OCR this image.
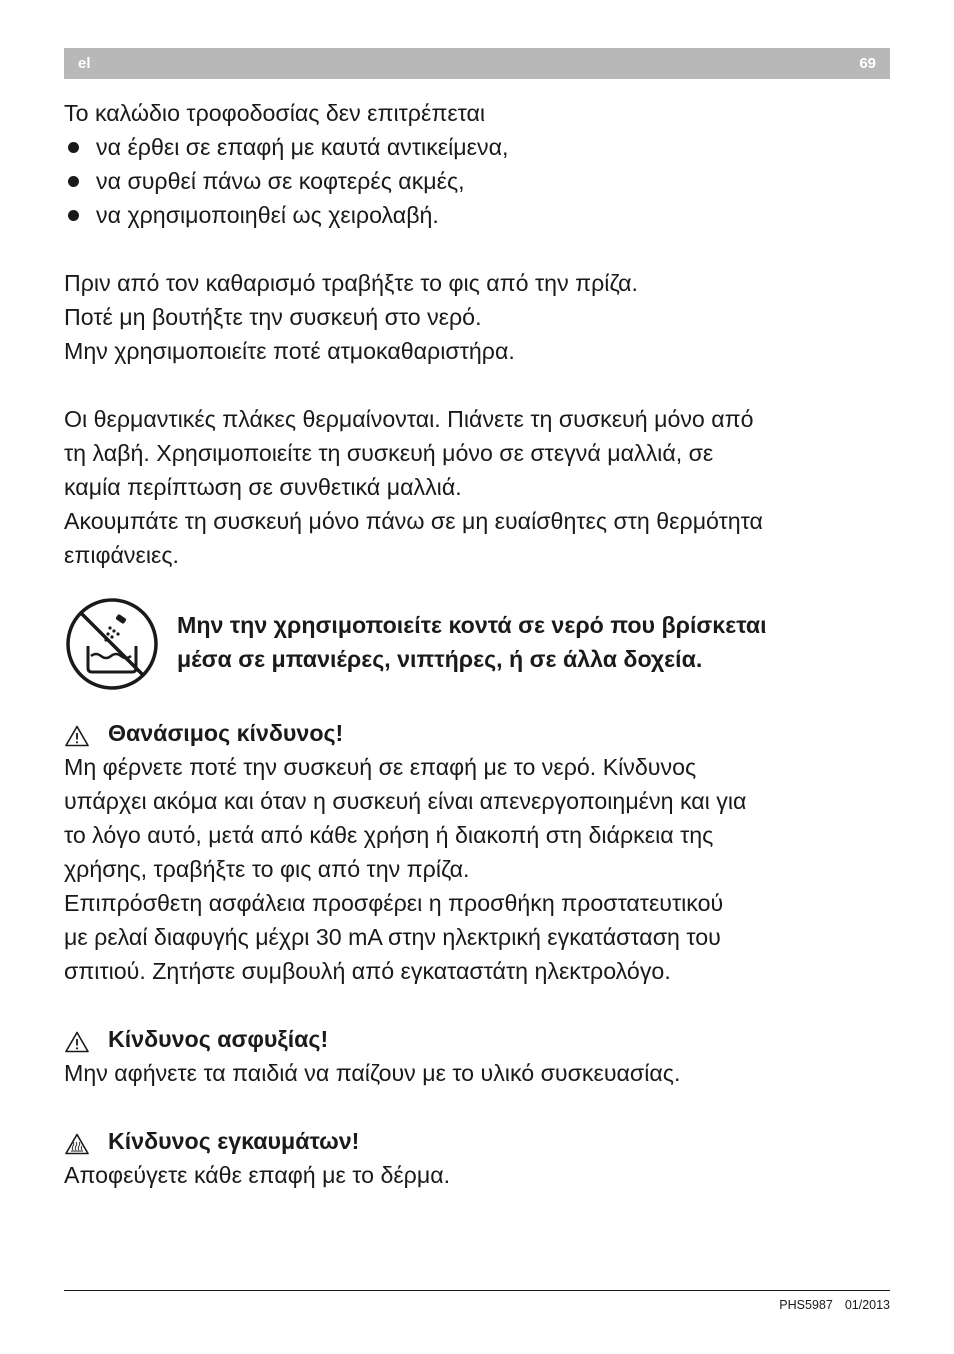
el	69

Το καλώδιο τροφοδοσίας δεν επιτρέπεται

να έρθει σε επαφή με καυτά αντικείμενα,
να συρθεί πάνω σε κοφτερές ακμές,
να χρησιμοποιηθεί ως χειρολαβή.

Πριν από τον καθαρισμό τραβήξτε το φις από την πρίζα.

Ποτέ μη βουτήξτε την συσκευή στο νερό.

Μην χρησιμοποιείτε ποτέ ατμοκαθαριστήρα.

Οι θερμαντικές πλάκες θερμαίνονται. Πιάνετε τη συσκευή μόνο από

τη λαβή. Χρησιμοποιείτε τη συσκευή μόνο σε στεγνά μαλλιά, σε

καμία περίπτωση σε συνθετικά μαλλιά.

Ακουμπάτε τη συσκευή μόνο πάνω σε μη ευαίσθητες στη θερμότητα

επιφάνειες.

Μην την χρησιμοποιείτε κοντά σε νερό που βρίσκεται

μέσα σε μπανιέρες, νιπτήρες, ή σε άλλα δοχεία.

Θανάσιμος κίνδυνος!

Μη φέρνετε ποτέ την συσκευή σε επαφή με το νερό. Κίνδυνος

υπάρχει ακόμα και όταν η συσκευή είναι απενεργοποιημένη και για

το λόγο αυτό, μετά από κάθε χρήση ή διακοπή στη διάρκεια της

χρήσης, τραβήξτε το φις από την πρίζα.

Επιπρόσθετη ασφάλεια προσφέρει η προσθήκη προστατευτικού

με ρελαί διαφυγής μέχρι 30 mA στην ηλεκτρική εγκατάσταση του

σπιτιού. Ζητήστε συμβουλή από εγκαταστάτη ηλεκτρολόγο.

Κίνδυνος ασφυξίας!

Μην αφήνετε τα παιδιά να παίζουν με το υλικό συσκευασίας.

Κίνδυνος εγκαυμάτων!

Αποφεύγετε κάθε επαφή με το δέρμα.

PHS5987 01/2013
